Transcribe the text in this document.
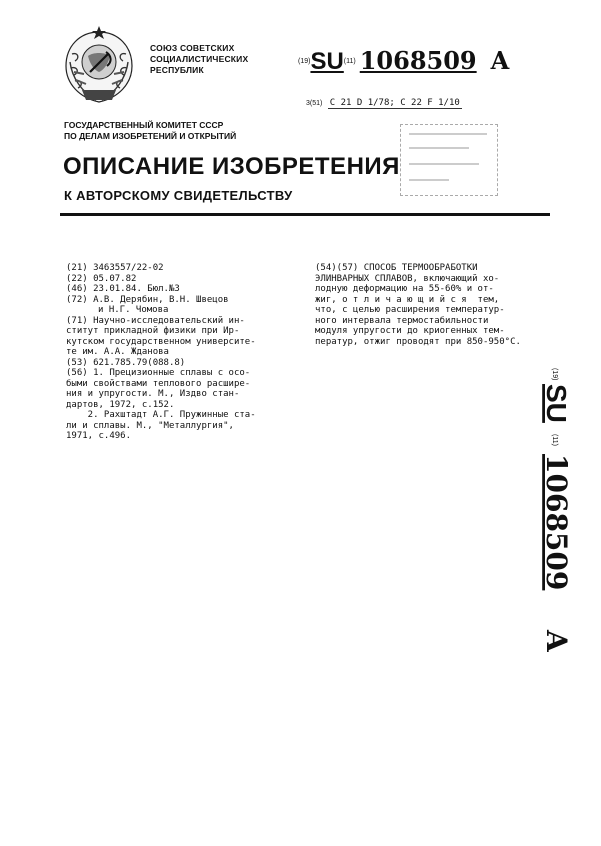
СОЮЗ СОВЕТСКИХ
СОЦИАЛИСТИЧЕСКИХ
РЕСПУБЛИК
$^{(19)}$SU$^{(11)}$ 1068509 A
3(51) C 21 D 1/78; C 22 F 1/10
ГОСУДАРСТВЕННЫЙ КОМИТЕТ СССР
ПО ДЕЛАМ ИЗОБРЕТЕНИЙ И ОТКРЫТИЙ
ОПИСАНИЕ ИЗОБРЕТЕНИЯ
К АВТОРСКОМУ СВИДЕТЕЛЬСТВУ
(21) 3463557/22-02
(22) 05.07.82
(46) 23.01.84. Бюл.№3
(72) А.В. Дерябин, В.Н. Швецов
и Н.Г. Чомова
(71) Научно-исследовательский ин-
ститут прикладной физики при Ир-
кутском государственном университе-
те им. А.А. Жданова
(53) 621.785.79(088.8)
(56) 1. Прецизионные сплавы с осо-
быми свойствами теплового расшире-
ния и упругости. М., Издво стан-
дартов, 1972, с.152.
2. Рахштадт А.Г. Пружинные ста-
ли и сплавы. М., "Металлургия",
1971, с.496.
(54)(57) СПОСОБ ТЕРМООБРАБОТКИ
ЭЛИНВАРНЫХ СПЛАВОВ, включающий хо-
лодную деформацию на 55-60% и от-
жиг, о т л и ч а ю щ и й с я  тем,
что, с целью расширения температур-
ного интервала термостабильности
модуля упругости до криогенных тем-
ператур, отжиг проводят при 850-950°С.
(19)
SU
(11)
1068509
A
